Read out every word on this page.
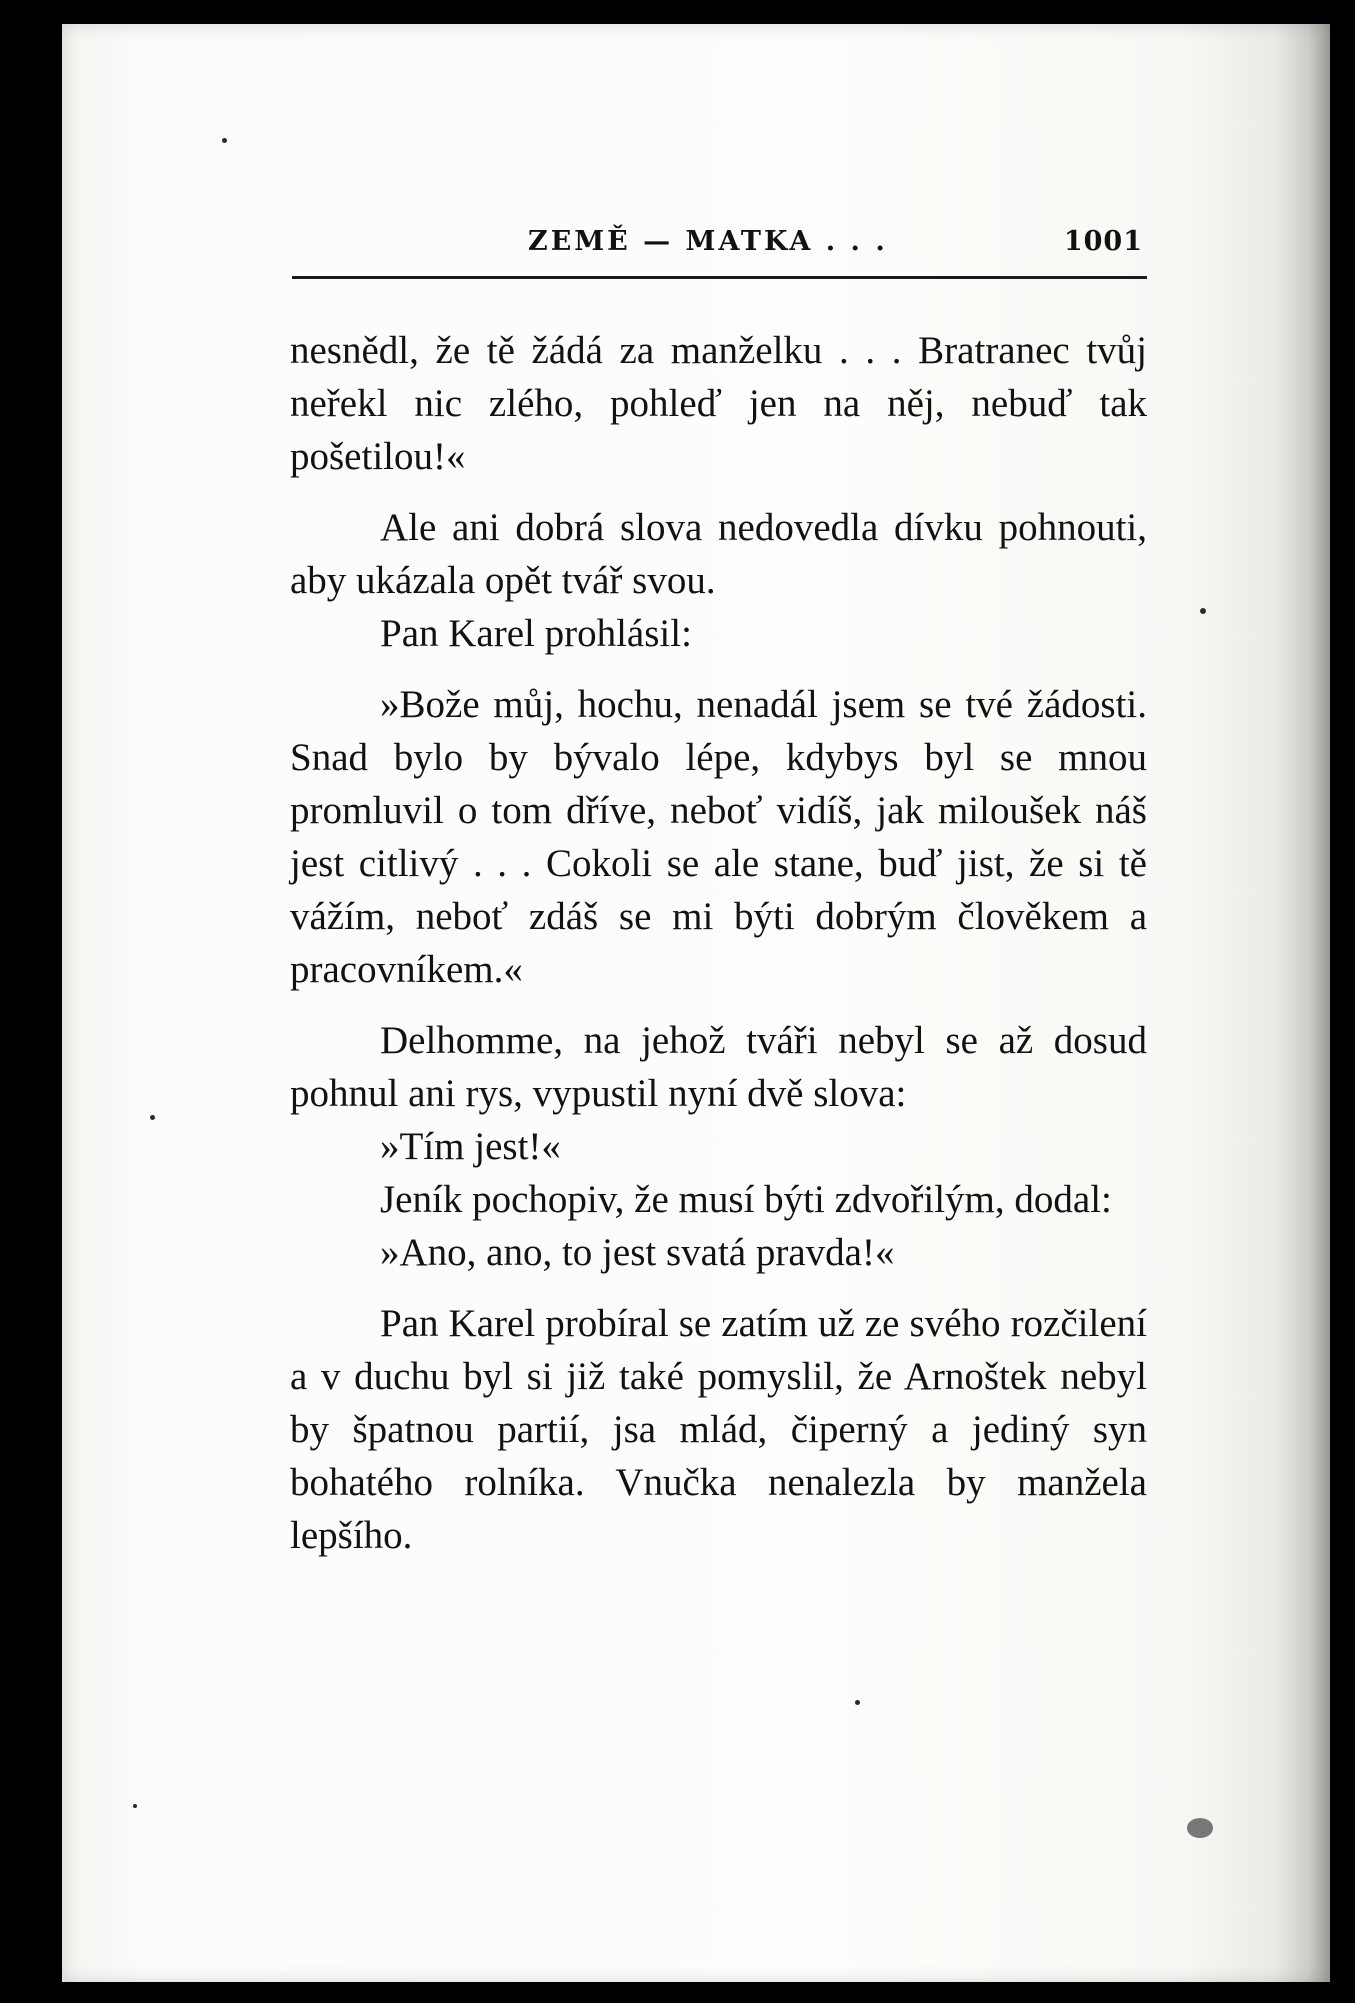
ZEMĚ — MATKA . . .	1001

nesnědl, že tě žádá za manželku . . . Bratranec tvůj neřekl nic zlého, pohleď jen na něj, nebuď tak pošetilou!«

Ale ani dobrá slova nedovedla dívku pohnouti, aby ukázala opět tvář svou.

Pan Karel prohlásil:

»Bože můj, hochu, nenadál jsem se tvé žádosti. Snad bylo by bývalo lépe, kdybys byl se mnou promluvil o tom dříve, neboť vidíš, jak miloušek náš jest citlivý . . . Cokoli se ale stane, buď jist, že si tě vážím, neboť zdáš se mi býti dobrým člověkem a pracovníkem.«

Delhomme, na jehož tváři nebyl se až dosud pohnul ani rys, vypustil nyní dvě slova:

»Tím jest!«

Jeník pochopiv, že musí býti zdvořilým, dodal:

»Ano, ano, to jest svatá pravda!«

Pan Karel probíral se zatím už ze svého rozčilení a v duchu byl si již také pomyslil, že Arnoštek nebyl by špatnou partií, jsa mlád, čiperný a jediný syn bohatého rolníka. Vnučka nenalezla by manžela lepšího.
